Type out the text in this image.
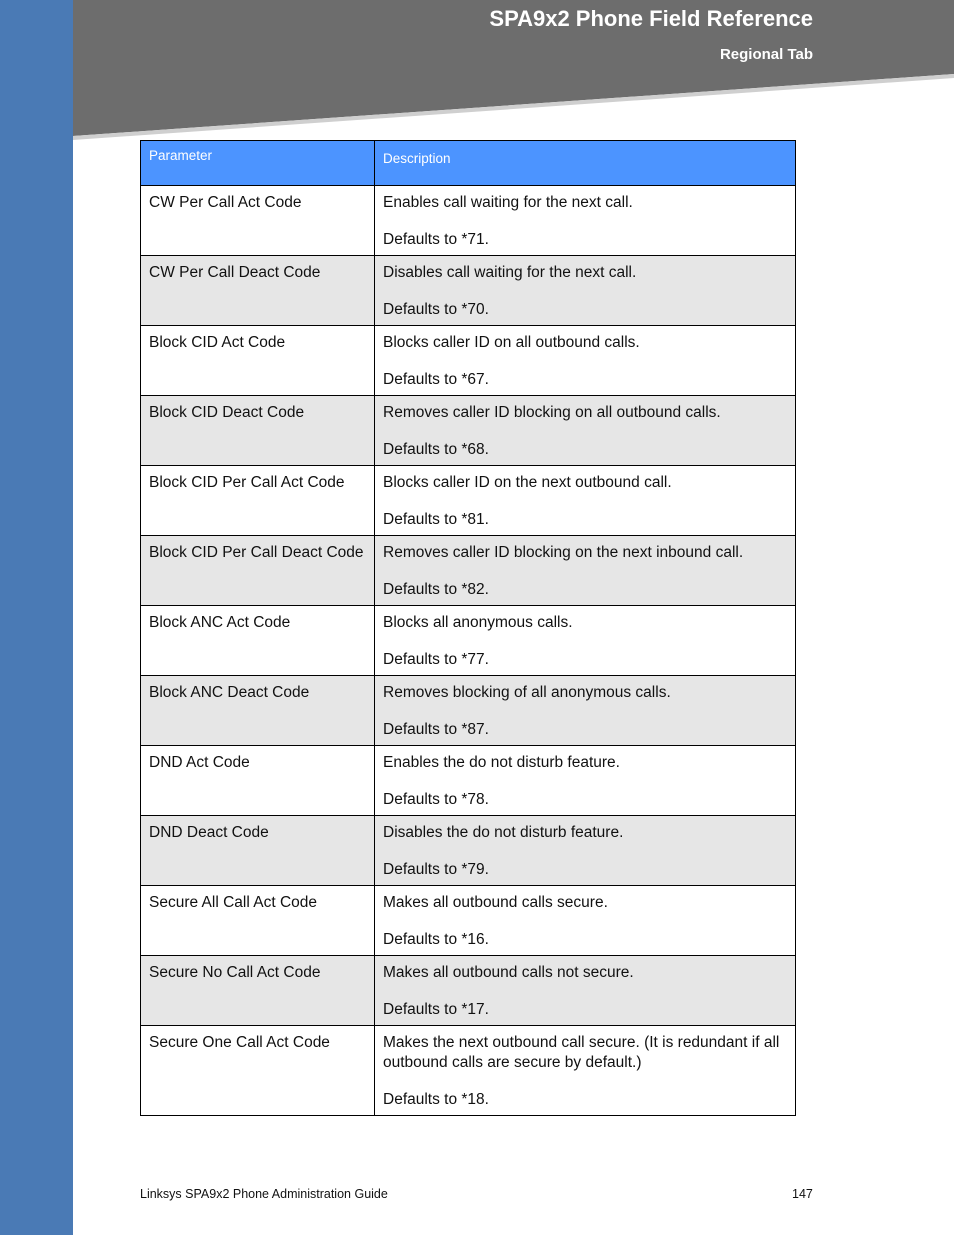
SPA9x2 Phone Field Reference
Regional Tab
Parameter	Description
CW Per Call Act Code	Enables call waiting for the next call.
Defaults to *71.

CW Per Call Deact Code	Disables call waiting for the next call.
Defaults to *70.

Block CID Act Code	Blocks caller ID on all outbound calls.
Defaults to *67.

Block CID Deact Code	Removes caller ID blocking on all outbound calls.
Defaults to *68.

Block CID Per Call Act Code	Blocks caller ID on the next outbound call.
Defaults to *81.

Block CID Per Call Deact Code	Removes caller ID blocking on the next inbound call.
Defaults to *82.

Block ANC Act Code	Blocks all anonymous calls.
Defaults to *77.

Block ANC Deact Code	Removes blocking of all anonymous calls.
Defaults to *87.

DND Act Code	Enables the do not disturb feature.
Defaults to *78.

DND Deact Code	Disables the do not disturb feature.
Defaults to *79.

Secure All Call Act Code	Makes all outbound calls secure.
Defaults to *16.

Secure No Call Act Code	Makes all outbound calls not secure.
Defaults to *17.

Secure One Call Act Code	Makes the next outbound call secure. (It is redundant if all outbound calls are secure by default.)
Defaults to *18.
Linksys SPA9x2 Phone Administration Guide	147
